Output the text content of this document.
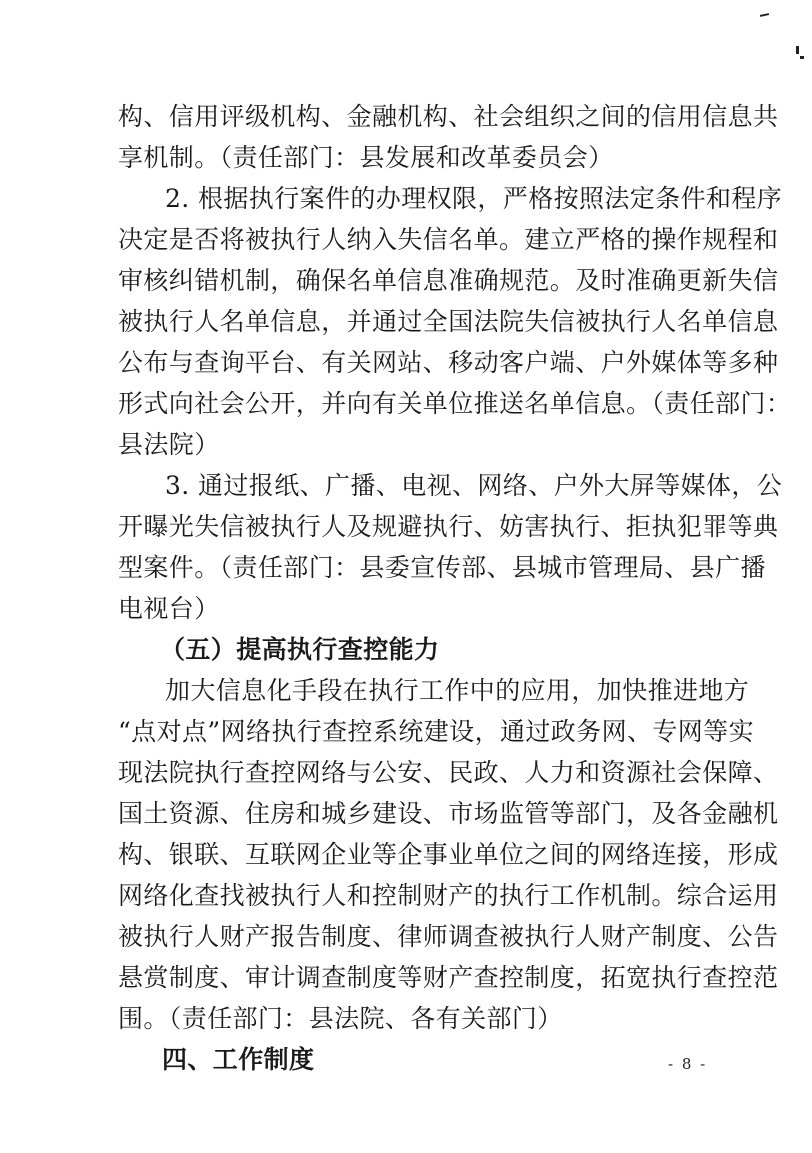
构、信用评级机构、金融机构、社会组织之间的信用信息共
享机制。（责任部门：县发展和改革委员会）
2. 根据执行案件的办理权限，严格按照法定条件和程序
决定是否将被执行人纳入失信名单。建立严格的操作规程和
审核纠错机制，确保名单信息准确规范。及时准确更新失信
被执行人名单信息，并通过全国法院失信被执行人名单信息
公布与查询平台、有关网站、移动客户端、户外媒体等多种
形式向社会公开，并向有关单位推送名单信息。（责任部门：
县法院）
3. 通过报纸、广播、电视、网络、户外大屏等媒体，公
开曝光失信被执行人及规避执行、妨害执行、拒执犯罪等典
型案件。（责任部门：县委宣传部、县城市管理局、县广播
电视台）
（五）提高执行查控能力
加大信息化手段在执行工作中的应用，加快推进地方
“点对点”网络执行查控系统建设，通过政务网、专网等实
现法院执行查控网络与公安、民政、人力和资源社会保障、
国土资源、住房和城乡建设、市场监管等部门，及各金融机
构、银联、互联网企业等企事业单位之间的网络连接，形成
网络化查找被执行人和控制财产的执行工作机制。综合运用
被执行人财产报告制度、律师调查被执行人财产制度、公告
悬赏制度、审计调查制度等财产查控制度，拓宽执行查控范
围。（责任部门：县法院、各有关部门）
四、工作制度	- 8 -
